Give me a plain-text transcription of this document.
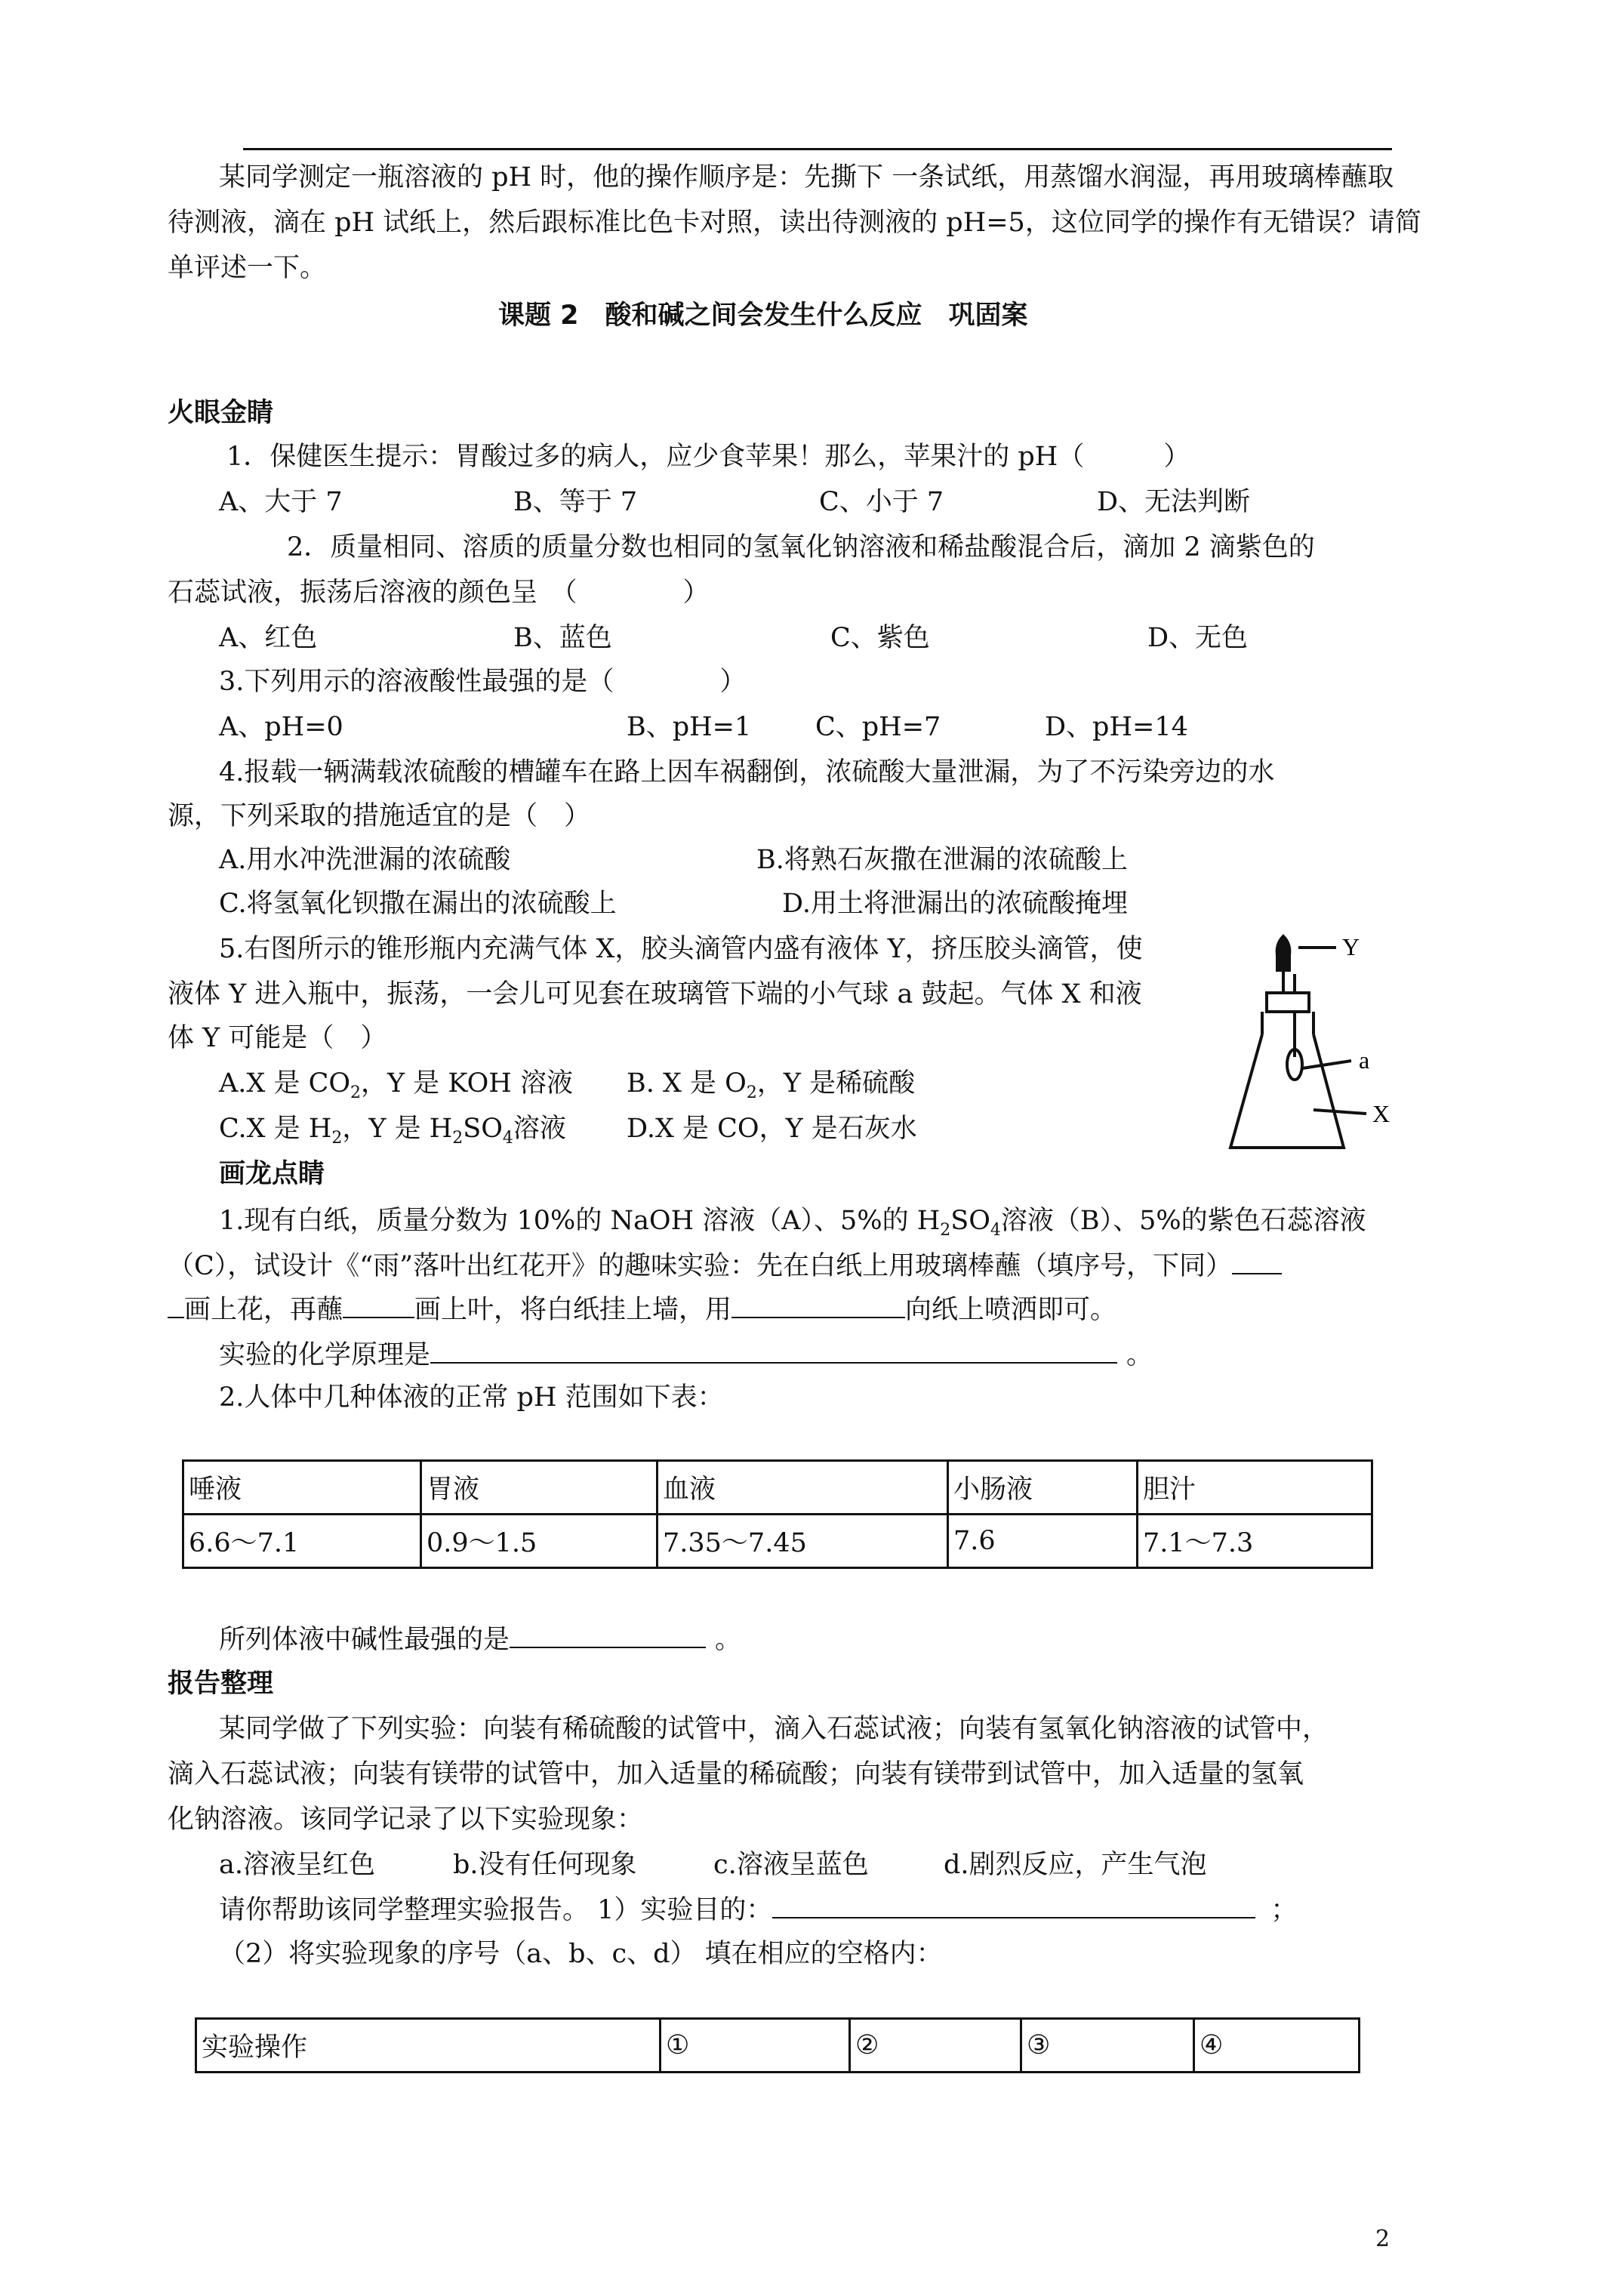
某同学测定一瓶溶液的 pH 时，他的操作顺序是：先撕下 一条试纸，用蒸馏水润湿，再用玻璃棒蘸取
待测液，滴在 pH 试纸上，然后跟标准比色卡对照，读出待测液的 pH=5，这位同学的操作有无错误？请简
单评述一下。
课题 2　酸和碱之间会发生什么反应　巩固案
火眼金睛
1．保健医生提示：胃酸过多的病人，应少食苹果！那么，苹果汁的 pH（　　　）
A、大于 7	B、等于 7	C、小于 7	D、无法判断
2．质量相同、溶质的质量分数也相同的氢氧化钠溶液和稀盐酸混合后，滴加 2 滴紫色的
石蕊试液，振荡后溶液的颜色呈　（　　　　）
A、红色	B、蓝色	C、紫色	D、无色
3.下列用示的溶液酸性最强的是（　　　　）
A、pH=0	B、pH=1 C、pH=7	D、pH=14
4.报载一辆满载浓硫酸的槽罐车在路上因车祸翻倒，浓硫酸大量泄漏，为了不污染旁边的水
源，下列采取的措施适宜的是（　）
A.用水冲洗泄漏的浓硫酸	B.将熟石灰撒在泄漏的浓硫酸上
C.将氢氧化钡撒在漏出的浓硫酸上	D.用土将泄漏出的浓硫酸掩埋
5.右图所示的锥形瓶内充满气体 X，胶头滴管内盛有液体 Y，挤压胶头滴管，使
液体 Y 进入瓶中，振荡，一会儿可见套在玻璃管下端的小气球 a 鼓起。气体 X 和液
体 Y 可能是（　）
A.X 是 $CO_2$，Y 是 KOH 溶液 B. X 是 $O_2$，Y 是稀硫酸
C.X 是 $H_2$，Y 是 $H_2SO_4$溶液 D.X 是 CO，Y 是石灰水
Y
a
X
画龙点睛
1.现有白纸，质量分数为 10%的 NaOH 溶液（A）、5%的 $H_2SO_4$溶液（B）、5%的紫色石蕊溶液
（C），试设计《“雨”落叶出红花开》的趣味实验：先在白纸上用玻璃棒蘸（填序号，下同）
画上花，再蘸	画上叶，将白纸挂上墙，用	向纸上喷洒即可。
实验的化学原理是	。
2.人体中几种体液的正常 pH 范围如下表：
唾液	胃液	血液	小肠液	胆汁
6.6～7.1	0.9～1.5	7.35～7.45	7.6	7.1～7.3
所列体液中碱性最强的是	。
报告整理
某同学做了下列实验：向装有稀硫酸的试管中，滴入石蕊试液；向装有氢氧化钠溶液的试管中，
滴入石蕊试液；向装有镁带的试管中，加入适量的稀硫酸；向装有镁带到试管中，加入适量的氢氧
化钠溶液。该同学记录了以下实验现象：
a.溶液呈红色	b.没有任何现象	c.溶液呈蓝色	d.剧烈反应，产生气泡
请你帮助该同学整理实验报告。 1）实验目的：	；
（2）将实验现象的序号（a、b、c、d） 填在相应的空格内：
实验操作	①	②	③	④
2
